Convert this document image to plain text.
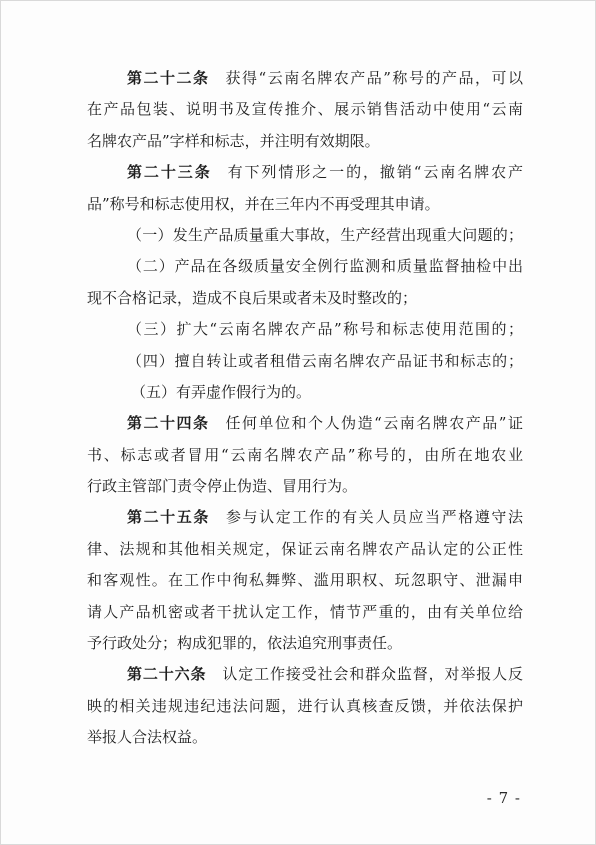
第二十二条 获得“云南名牌农产品”称号的产品，可以
在产品包装、说明书及宣传推介、展示销售活动中使用“云南
名牌农产品”字样和标志，并注明有效期限。
第二十三条 有下列情形之一的，撤销“云南名牌农产
品”称号和标志使用权，并在三年内不再受理其申请。
（一）发生产品质量重大事故，生产经营出现重大问题的；
（二）产品在各级质量安全例行监测和质量监督抽检中出
现不合格记录，造成不良后果或者未及时整改的；
（三）扩大“云南名牌农产品”称号和标志使用范围的；
（四）擅自转让或者租借云南名牌农产品证书和标志的；
（五）有弄虚作假行为的。
第二十四条 任何单位和个人伪造“云南名牌农产品”证
书、标志或者冒用“云南名牌农产品”称号的，由所在地农业
行政主管部门责令停止伪造、冒用行为。
第二十五条 参与认定工作的有关人员应当严格遵守法
律、法规和其他相关规定，保证云南名牌农产品认定的公正性
和客观性。在工作中徇私舞弊、滥用职权、玩忽职守、泄漏申
请人产品机密或者干扰认定工作，情节严重的，由有关单位给
予行政处分；构成犯罪的，依法追究刑事责任。
第二十六条 认定工作接受社会和群众监督，对举报人反
映的相关违规违纪违法问题，进行认真核查反馈，并依法保护
举报人合法权益。
- 7 -
